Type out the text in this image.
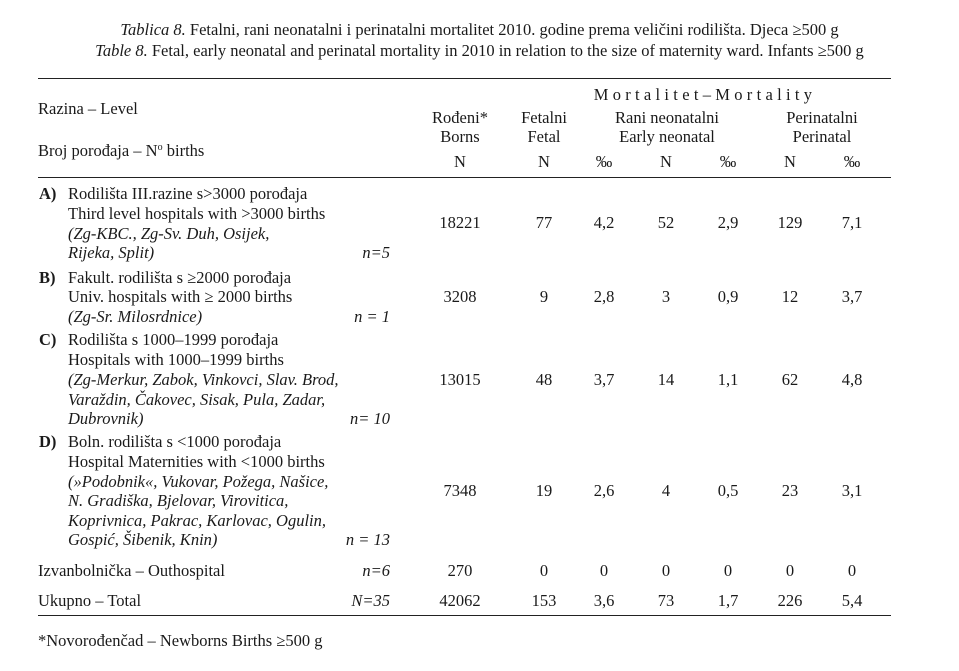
Tablica 8. Fetalni, rani neonatalni i perinatalni mortalitet 2010. godine prema veličini rodilišta. Djeca ≥500 g
Table 8. Fetal, early neonatal and perinatal mortality in 2010 in relation to the size of maternity ward. Infants ≥500 g
Razina – Level
Broj porođaja – $N^o$ births
Mortalitet–Mortality
Rođeni*
Borns
Fetalni
Fetal
Rani neonatalni
Early neonatal
Perinatalni
Perinatal
N	N	‰	N	‰	N	‰
A) Rodilišta III.razine s>3000 porođaja
Third level hospitals with >3000 births
(Zg-KBC., Zg-Sv. Duh, Osijek,
Rijeka, Split)	n=5
18221	77	4,2	52	2,9	129	7,1
B) Fakult. rodilišta s ≥2000 porođaja
Univ. hospitals with ≥ 2000 births
(Zg-Sr. Milosrdnice)	n = 1
3208	9	2,8	3	0,9	12	3,7
C) Rodilišta s 1000–1999 porođaja
Hospitals with 1000–1999 births
(Zg-Merkur, Zabok, Vinkovci, Slav. Brod,
Varaždin, Čakovec, Sisak, Pula, Zadar,
Dubrovnik)	n= 10
13015	48	3,7	14	1,1	62	4,8
D) Boln. rodilišta s <1000 porođaja
Hospital Maternities with <1000 births
(»Podobnik«, Vukovar, Požega, Našice,
N. Gradiška, Bjelovar, Virovitica,
Koprivnica, Pakrac, Karlovac, Ogulin,
Gospić, Šibenik, Knin)	n = 13
7348	19	2,6	4	0,5	23	3,1
Izvanbolnička – Outhospital	n=6	270	0	0	0	0	0	0
Ukupno – Total	N=35	42062	153	3,6	73	1,7	226	5,4
*Novorođenčad – Newborns Births ≥500 g
